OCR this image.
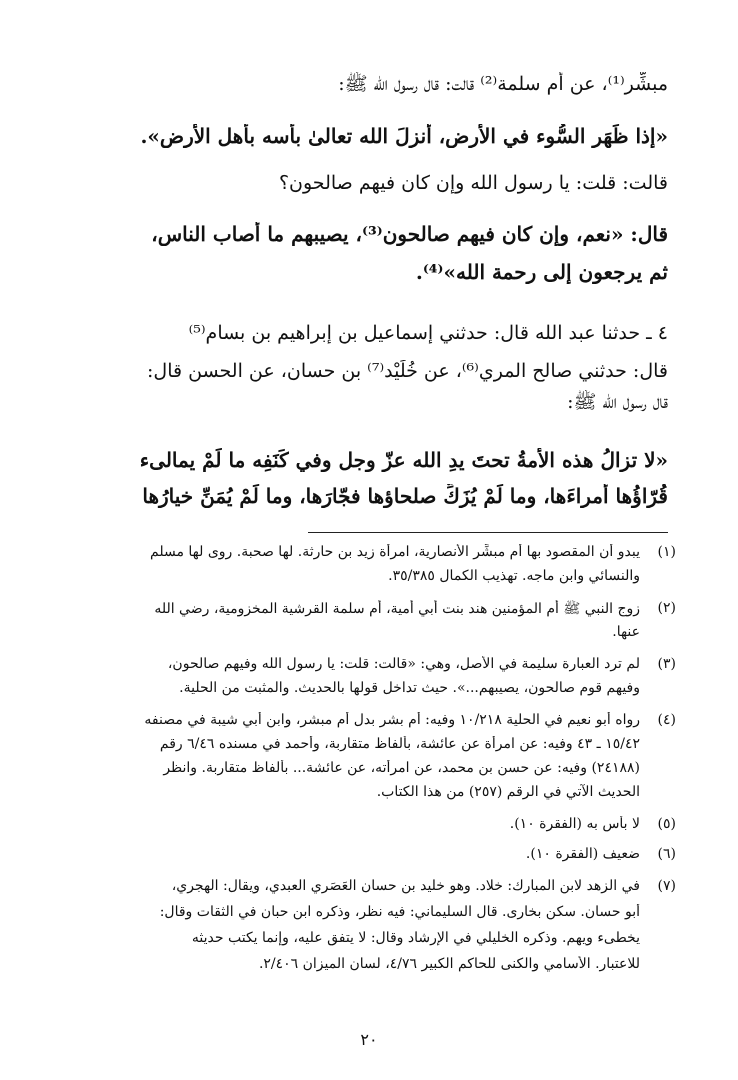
مبشِّر⁽¹⁾، عن أم سلمة⁽²⁾ قالت: قال رسول الله ﷺ:
«إذا ظَهَر السُّوء في الأرض، أنزلَ الله تعالىٰ بأسه بأهل الأرض».
قالت: قلت: يا رسول الله وإن كان فيهم صالحون؟
قال: «نعم، وإن كان فيهم صالحون⁽³⁾، يصيبهم ما أصاب الناس،
ثم يرجعون إلى رحمة الله»⁽⁴⁾.
٤ ـ حدثنا عبد الله قال: حدثني إسماعيل بن إبراهيم بن بسام⁽⁵⁾
قال: حدثني صالح المري⁽⁶⁾، عن خُلَيْد⁽⁷⁾ بن حسان، عن الحسن قال:
قال رسول الله ﷺ:
«لا تزالُ هذه الأمةُ تحتَ يدِ الله عزّ وجل وفي كَنَفِه ما لَمْ يمالىء
قُرّاؤُها أمراءَها، وما لَمْ يُزَكِّ صلحاؤها فجّارَها، وما لَمْ يُمَنِّ خيارُها
(١)
يبدو أن المقصود بها أم مبشِّر الأنصارية، امرأة زيد بن حارثة. لها صحبة. روى لها مسلم
والنسائي وابن ماجه. تهذيب الكمال ٣٥/٣٨٥.
(٢)
زوج النبي ﷺ أم المؤمنين هند بنت أبي أمية، أم سلمة القرشية المخزومية، رضي الله
عنها.
(٣)
لم ترد العبارة سليمة في الأصل، وهي: «قالت: قلت: يا رسول الله وفيهم صالحون،
وفيهم قوم صالحون، يصيبهم...». حيث تداخل قولها بالحديث. والمثبت من الحلية.
(٤)
رواه أبو نعيم في الحلية ١٠/٢١٨ وفيه: أم بشر بدل أم مبشر، وابن أبي شيبة في مصنفه
١٥/٤٢ ـ ٤٣ وفيه: عن امرأة عن عائشة، بألفاظ متقاربة، وأحمد في مسنده ٦/٤٦ رقم
(٢٤١٨٨) وفيه: عن حسن بن محمد، عن امرأته، عن عائشة... بألفاظ متقاربة. وانظر
الحديث الآتي في الرقم (٢٥٧) من هذا الكتاب.
(٥)
لا بأس به (الفقرة ١٠).
(٦)
ضعيف (الفقرة ١٠).
(٧)
في الزهد لابن المبارك: خلاد. وهو خليد بن حسان العَصَري العبدي، ويقال: الهجري،
أبو حسان. سكن بخارى. قال السليماني: فيه نظر، وذكره ابن حبان في الثقات وقال:
يخطىء ويهم. وذكره الخليلي في الإرشاد وقال: لا يتفق عليه، وإنما يكتب حديثه
للاعتبار. الأسامي والكنى للحاكم الكبير ٤/٧٦، لسان الميزان ٢/٤٠٦.
٢٠
